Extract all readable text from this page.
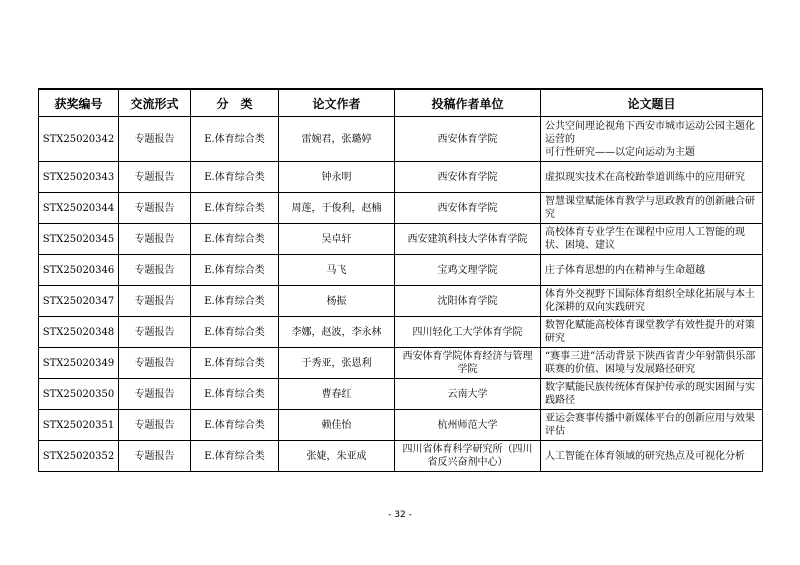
获奖编号	交流形式	分　类	论文作者	投稿作者单位	论文题目
STX25020342	专题报告	E.体育综合类	雷婉君，张璐婷	西安体育学院	公共空间理论视角下西安市城市运动公园主题化运营的
可行性研究——以定向运动为主题
STX25020343	专题报告	E.体育综合类	钟永明	西安体育学院	虚拟现实技术在高校跆拳道训练中的应用研究
STX25020344	专题报告	E.体育综合类	周莲，于俊利，赵楠	西安体育学院	智慧课堂赋能体育教学与思政教育的创新融合研究
STX25020345	专题报告	E.体育综合类	吴卓轩	西安建筑科技大学体育学院	高校体育专业学生在课程中应用人工智能的现状、困境、建议
STX25020346	专题报告	E.体育综合类	马飞	宝鸡文理学院	庄子体育思想的内在精神与生命超越
STX25020347	专题报告	E.体育综合类	杨振	沈阳体育学院	体育外交视野下国际体育组织全球化拓展与本土化深耕的双向实践研究
STX25020348	专题报告	E.体育综合类	李娜，赵波，李永林	四川轻化工大学体育学院	数智化赋能高校体育课堂教学有效性提升的对策研究
STX25020349	专题报告	E.体育综合类	于秀亚，张恩利	西安体育学院体育经济与管理学院	“赛事三进”活动背景下陕西省青少年射箭俱乐部联赛的价值、困境与发展路径研究
STX25020350	专题报告	E.体育综合类	曹春红	云南大学	数字赋能民族传统体育保护传承的现实困囿与实践路径
STX25020351	专题报告	E.体育综合类	赖佳怡	杭州师范大学	亚运会赛事传播中新媒体平台的创新应用与效果评估
STX25020352	专题报告	E.体育综合类	张婕，朱亚成	四川省体育科学研究所（四川省反兴奋剂中心）	人工智能在体育领域的研究热点及可视化分析
- 32 -
